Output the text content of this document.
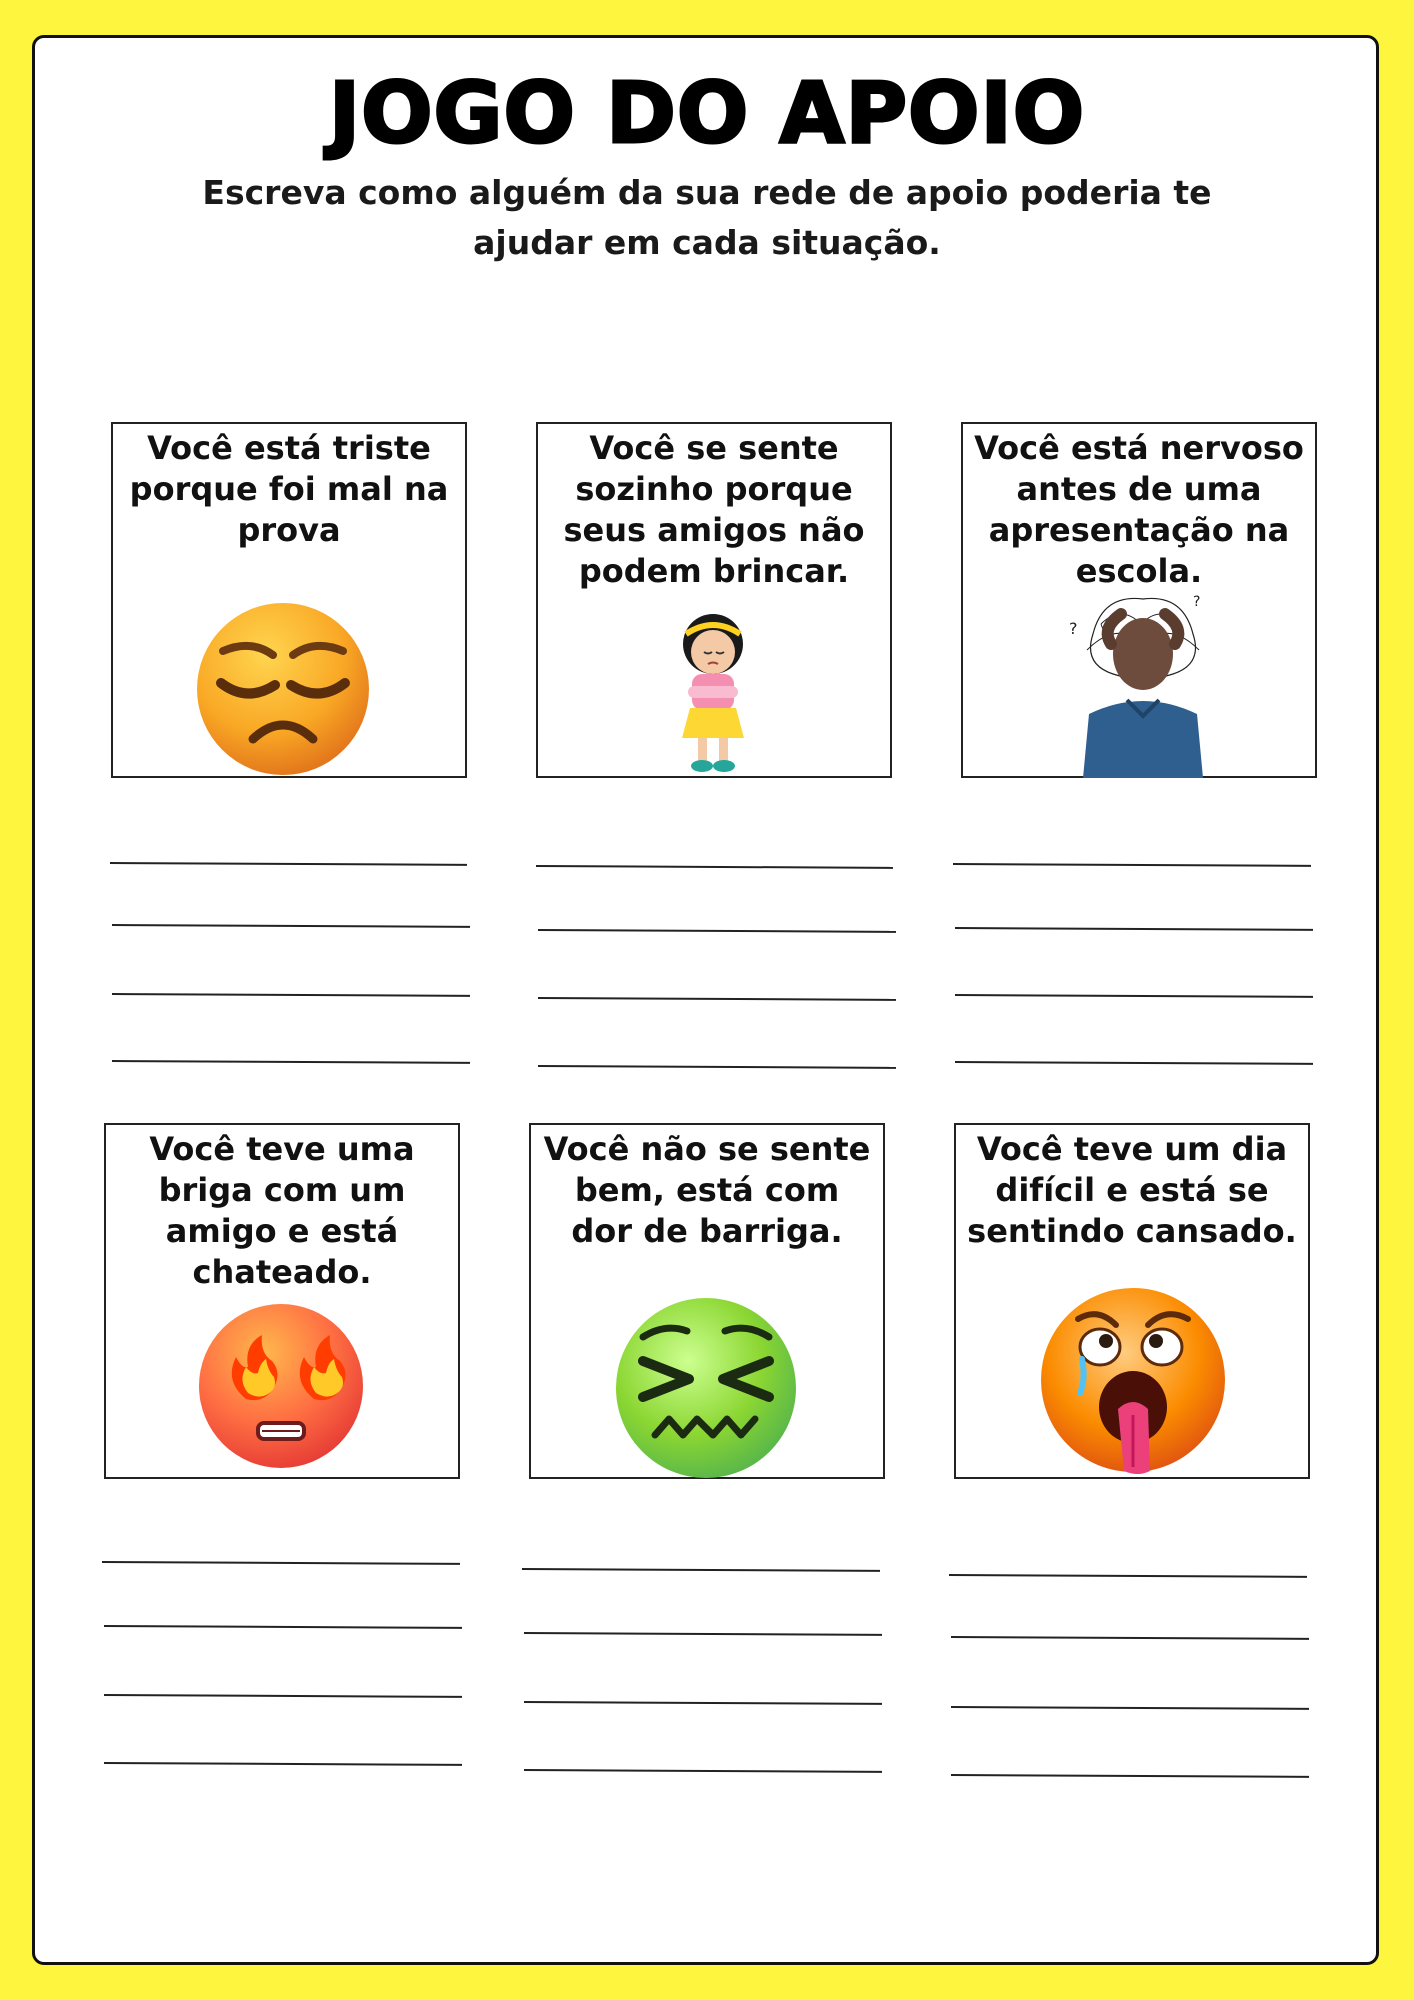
JOGO DO APOIO

Escreva como alguém da sua rede de apoio poderia te ajudar em cada situação.

Você está triste porque foi mal na prova
Você se sente sozinho porque seus amigos não podem brincar.
Você está nervoso antes de uma apresentação na escola.
?
?
Você teve uma briga com um amigo e está chateado.
Você não se sente bem, está com dor de barriga.
Você teve um dia difícil e está se sentindo cansado.
